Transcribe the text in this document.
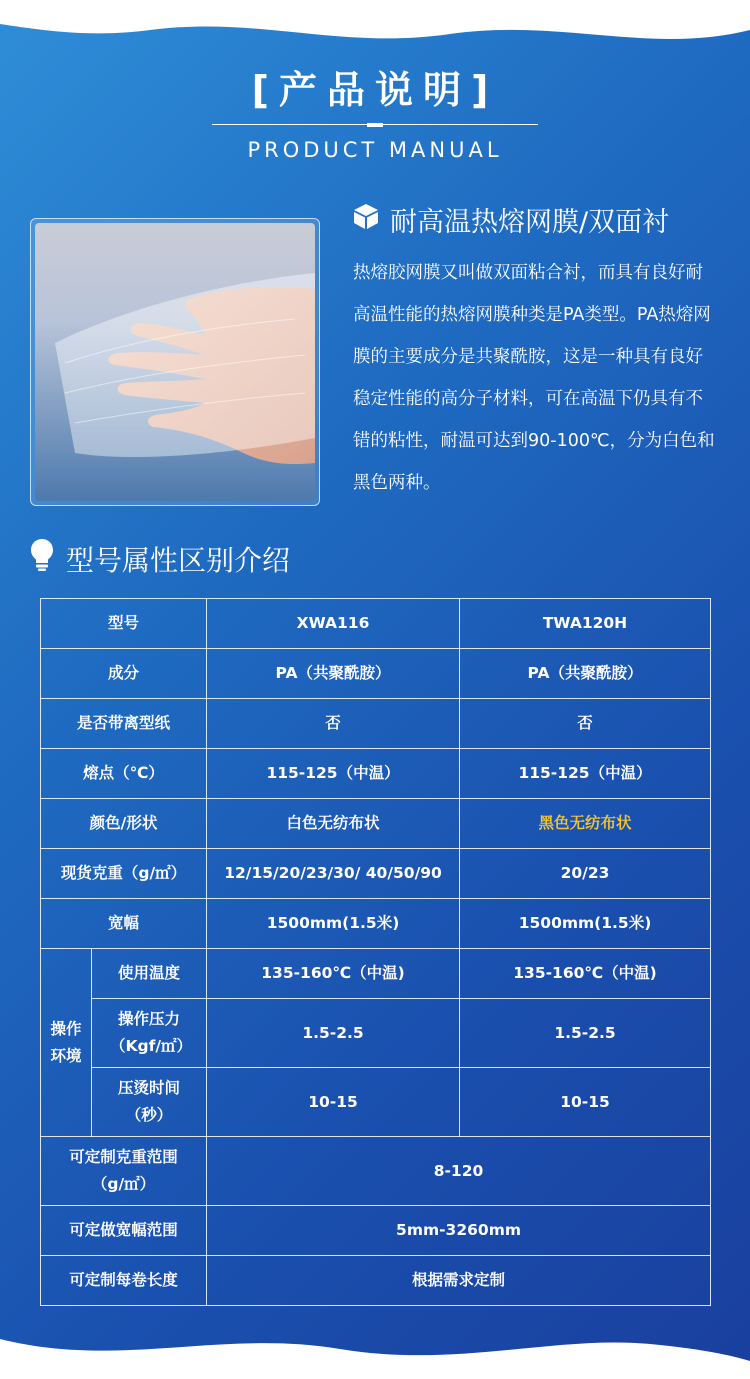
[产品说明]
PRODUCT MANUAL
耐高温热熔网膜/双面衬
热熔胶网膜又叫做双面粘合衬，而具有良好耐高温性能的热熔网膜种类是PA类型。PA热熔网膜的主要成分是共聚酰胺，这是一种具有良好稳定性能的高分子材料，可在高温下仍具有不错的粘性，耐温可达到90-100℃，分为白色和黑色两种。
型号属性区别介绍
型号		XWA116	TWA120H
成分		PA（共聚酰胺）	PA（共聚酰胺）
是否带离型纸		否	否
熔点（℃）		115-125（中温）	115-125（中温）
颜色/形状		白色无纺布状	黑色无纺布状
现货克重（g/㎡）		12/15/20/23/30/ 40/50/90	20/23
宽幅		1500mm(1.5米)	1500mm(1.5米)
操作环境	使用温度	135-160℃（中温)	135-160℃（中温)
	操作压力（Kgf/㎡）	1.5-2.5	1.5-2.5
	压烫时间（秒）	10-15	10-15
可定制克重范围（g/㎡）		8-120	
可定做宽幅范围		5mm-3260mm	
可定制每卷长度		根据需求定制	
